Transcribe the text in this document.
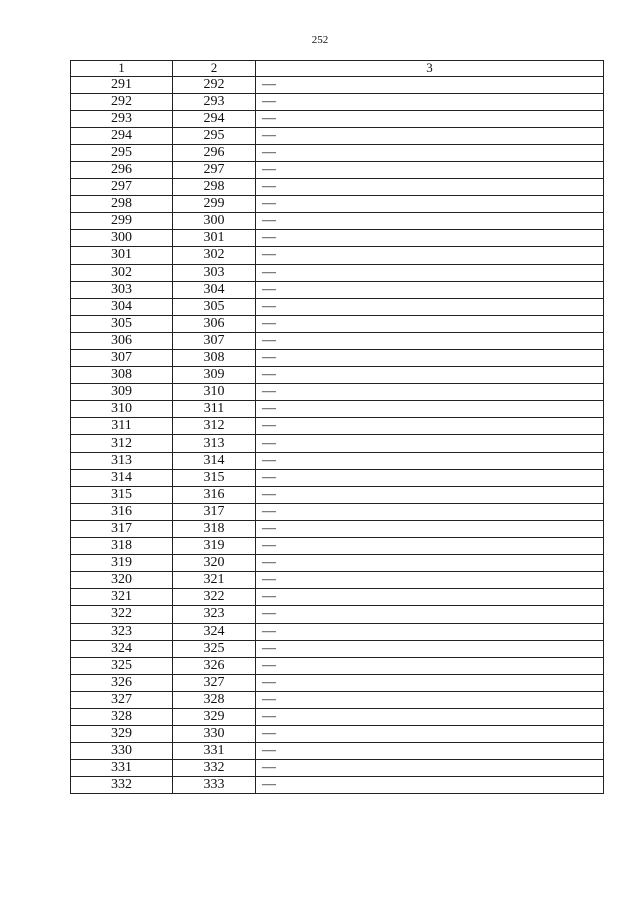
252
1	2	3
291	292	—
292	293	—
293	294	—
294	295	—
295	296	—
296	297	—
297	298	—
298	299	—
299	300	—
300	301	—
301	302	—
302	303	—
303	304	—
304	305	—
305	306	—
306	307	—
307	308	—
308	309	—
309	310	—
310	311	—
311	312	—
312	313	—
313	314	—
314	315	—
315	316	—
316	317	—
317	318	—
318	319	—
319	320	—
320	321	—
321	322	—
322	323	—
323	324	—
324	325	—
325	326	—
326	327	—
327	328	—
328	329	—
329	330	—
330	331	—
331	332	—
332	333	—
